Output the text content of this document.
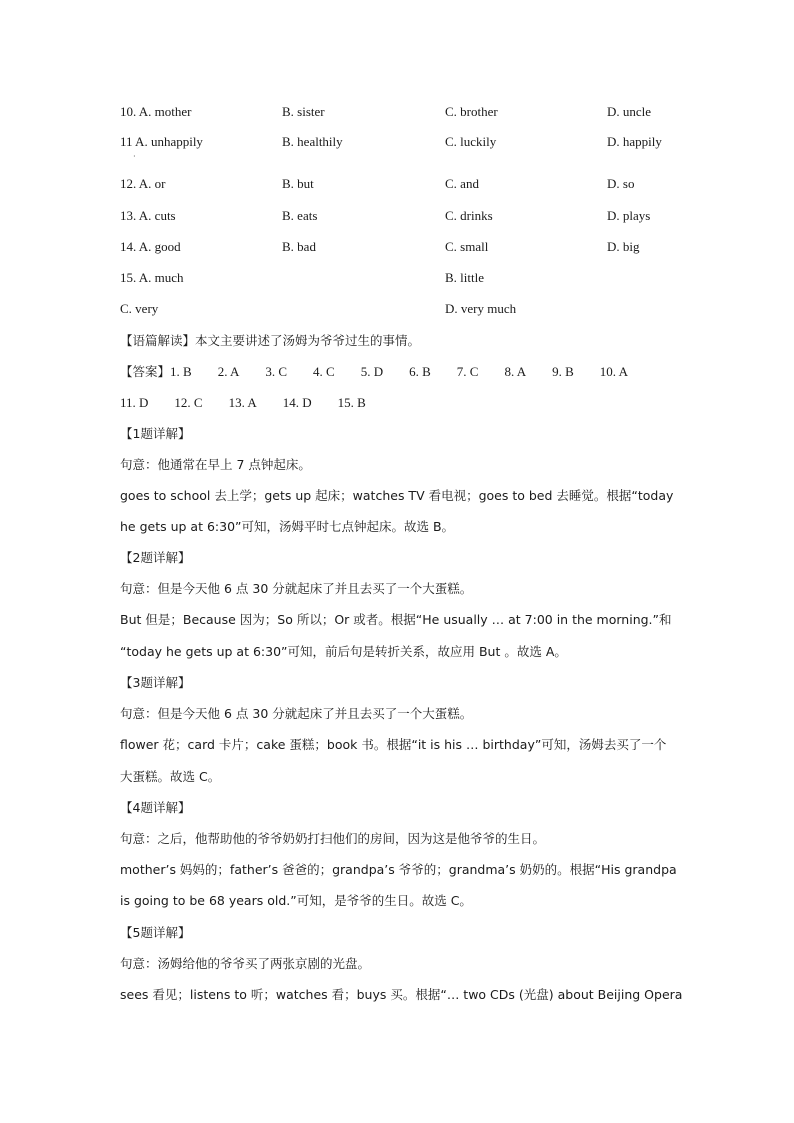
10. A. mother	B. sister	C. brother	D. uncle
11 A. unhappily	B. healthily	C. luckily	D. happily
·
12. A. or	B. but	C. and	D. so
13. A. cuts	B. eats	C. drinks	D. plays
14. A. good	B. bad	C. small	D. big
15. A. much	B. little
C. very	D. very much
【语篇解读】本文主要讲述了汤姆为爷爷过生的事情。
【答案】1. B 2. A 3. C 4. C 5. D 6. B 7. C 8. A 9. B 10. A
11. D 12. C 13. A 14. D 15. B
【1题详解】
句意：他通常在早上 7 点钟起床。
goes to school 去上学；gets up 起床；watches TV 看电视；goes to bed 去睡觉。根据“today
he gets up at 6:30”可知，汤姆平时七点钟起床。故选 B。
【2题详解】
句意：但是今天他 6 点 30 分就起床了并且去买了一个大蛋糕。
But 但是；Because 因为；So 所以；Or 或者。根据“He usually … at 7:00 in the morning.”和
“today he gets up at 6:30”可知，前后句是转折关系，故应用 But 。故选 A。
【3题详解】
句意：但是今天他 6 点 30 分就起床了并且去买了一个大蛋糕。
flower 花；card 卡片；cake 蛋糕；book 书。根据“it is his … birthday”可知，汤姆去买了一个
大蛋糕。故选 C。
【4题详解】
句意：之后，他帮助他的爷爷奶奶打扫他们的房间，因为这是他爷爷的生日。
mother’s 妈妈的；father’s 爸爸的；grandpa’s 爷爷的；grandma’s 奶奶的。根据“His grandpa
is going to be 68 years old.”可知，是爷爷的生日。故选 C。
【5题详解】
句意：汤姆给他的爷爷买了两张京剧的光盘。
sees 看见；listens to 听；watches 看；buys 买。根据“… two CDs (光盘) about Beijing Opera
